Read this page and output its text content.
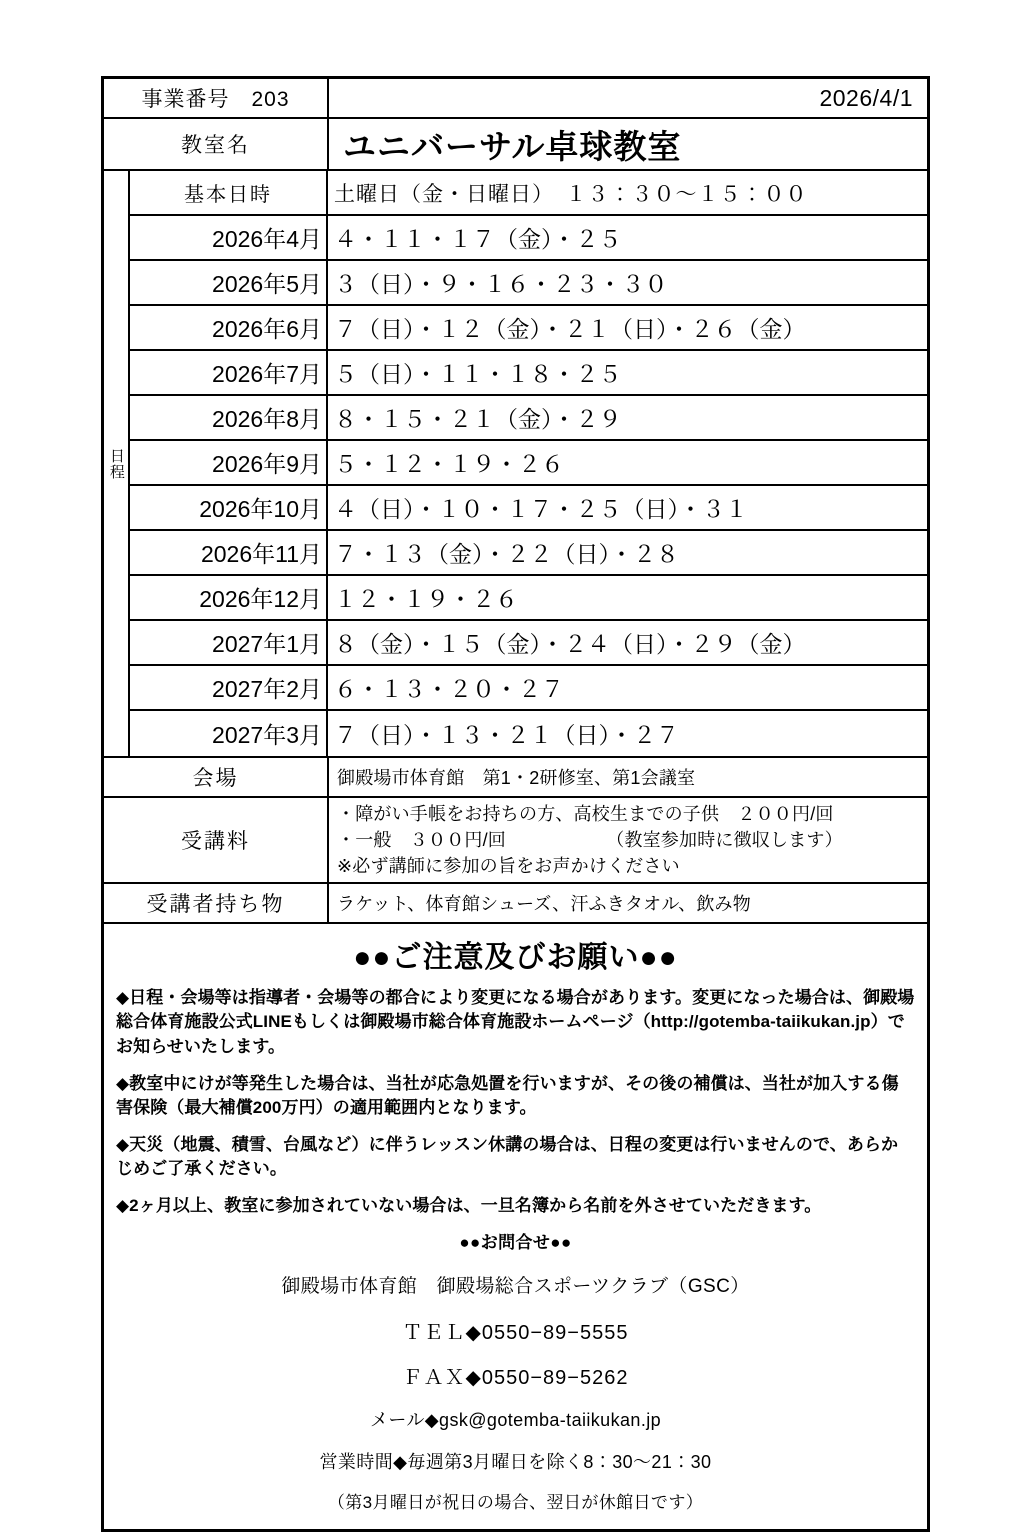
事業番号　203	2026/4/1
教室名	ユニバーサル卓球教室
日程
基本日時	土曜日（金・日曜日）　１３：３０〜１５：００
2026年4月 ４・１１・１７（金）・２５
2026年5月 ３（日）・９・１６・２３・３０
2026年6月 ７（日）・１２（金）・２１（日）・２６（金）
2026年7月 ５（日）・１１・１８・２５
2026年8月 ８・１５・２１（金）・２９
2026年9月 ５・１２・１９・２６
2026年10月 ４（日）・１０・１７・２５（日）・３１
2026年11月 ７・１３（金）・２２（日）・２８
2026年12月 １２・１９・２６
2027年1月 ８（金）・１５（金）・２４（日）・２９（金）
2027年2月 ６・１３・２０・２７
2027年3月 ７（日）・１３・２１（日）・２７
会場	御殿場市体育館　第1・2研修室、第1会議室
受講料
・障がい手帳をお持ちの方、高校生までの子供　２００円/回
・一般　３００円/回　　　　　　（教室参加時に徴収します）
※必ず講師に参加の旨をお声かけください
受講者持ち物	ラケット、体育館シューズ、汗ふきタオル、飲み物
●●ご注意及びお願い●●

◆日程・会場等は指導者・会場等の都合により変更になる場合があります。変更になった場合は、御殿場総合体育施設公式LINEもしくは御殿場市総合体育施設ホームページ（http://gotemba-taiikukan.jp）でお知らせいたします。

◆教室中にけが等発生した場合は、当社が応急処置を行いますが、その後の補償は、当社が加入する傷害保険（最大補償200万円）の適用範囲内となります。

◆天災（地震、積雪、台風など）に伴うレッスン休講の場合は、日程の変更は行いませんので、あらかじめご了承ください。

◆2ヶ月以上、教室に参加されていない場合は、一旦名簿から名前を外させていただきます。

●●お問合せ●●
御殿場市体育館　御殿場総合スポーツクラブ（GSC）
ＴＥＬ◆0550−89−5555
ＦＡＸ◆0550−89−5262
メール◆gsk@gotemba-taiikukan.jp
営業時間◆毎週第3月曜日を除く8：30〜21：30
（第3月曜日が祝日の場合、翌日が休館日です）
